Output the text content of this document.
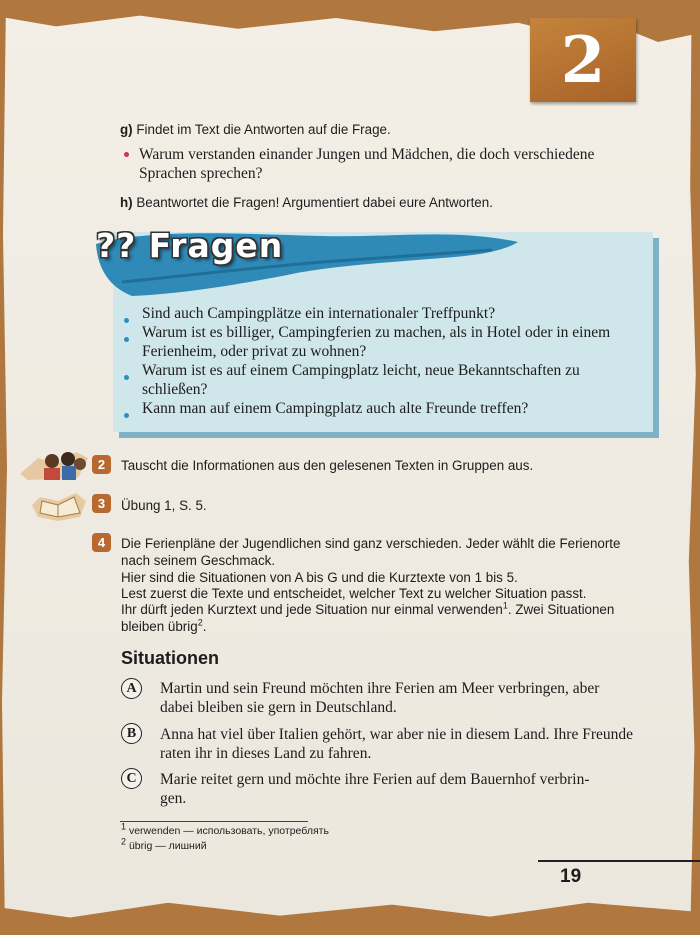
2
g) Findet im Text die Antworten auf die Frage.
Warum verstanden einander Jungen und Mädchen, die doch verschiedene
Sprachen sprechen?
h) Beantwortet die Fragen! Argumentiert dabei eure Antworten.
?? Fragen
Sind auch Campingplätze ein internationaler Treffpunkt?
Warum ist es billiger, Campingferien zu machen, als in Hotel oder in einem
Ferienheim, oder privat zu wohnen?
Warum ist es auf einem Campingplatz leicht, neue Bekanntschaften zu
schließen?
Kann man auf einem Campingplatz auch alte Freunde treffen?
2	Tauscht die Informationen aus den gelesenen Texten in Gruppen aus.
3	Übung 1, S. 5.
4	Die Ferienpläne der Jugendlichen sind ganz verschieden. Jeder wählt die Ferienorte
nach seinem Geschmack.
Hier sind die Situationen von A bis G und die Kurztexte von 1 bis 5.
Lest zuerst die Texte und entscheidet, welcher Text zu welcher Situation passt.
Ihr dürft jeden Kurztext und jede Situation nur einmal verwenden$^1$. Zwei Situationen
bleiben übrig$^2$.
Situationen
A	Martin und sein Freund möchten ihre Ferien am Meer verbringen, aber
dabei bleiben sie gern in Deutschland.
B	Anna hat viel über Italien gehört, war aber nie in diesem Land. Ihre Freunde
raten ihr in dieses Land zu fahren.
C	Marie reitet gern und möchte ihre Ferien auf dem Bauernhof verbrin-
gen.
$^1$ verwenden — использовать, употреблять
$^2$ übrig — лишний
19
